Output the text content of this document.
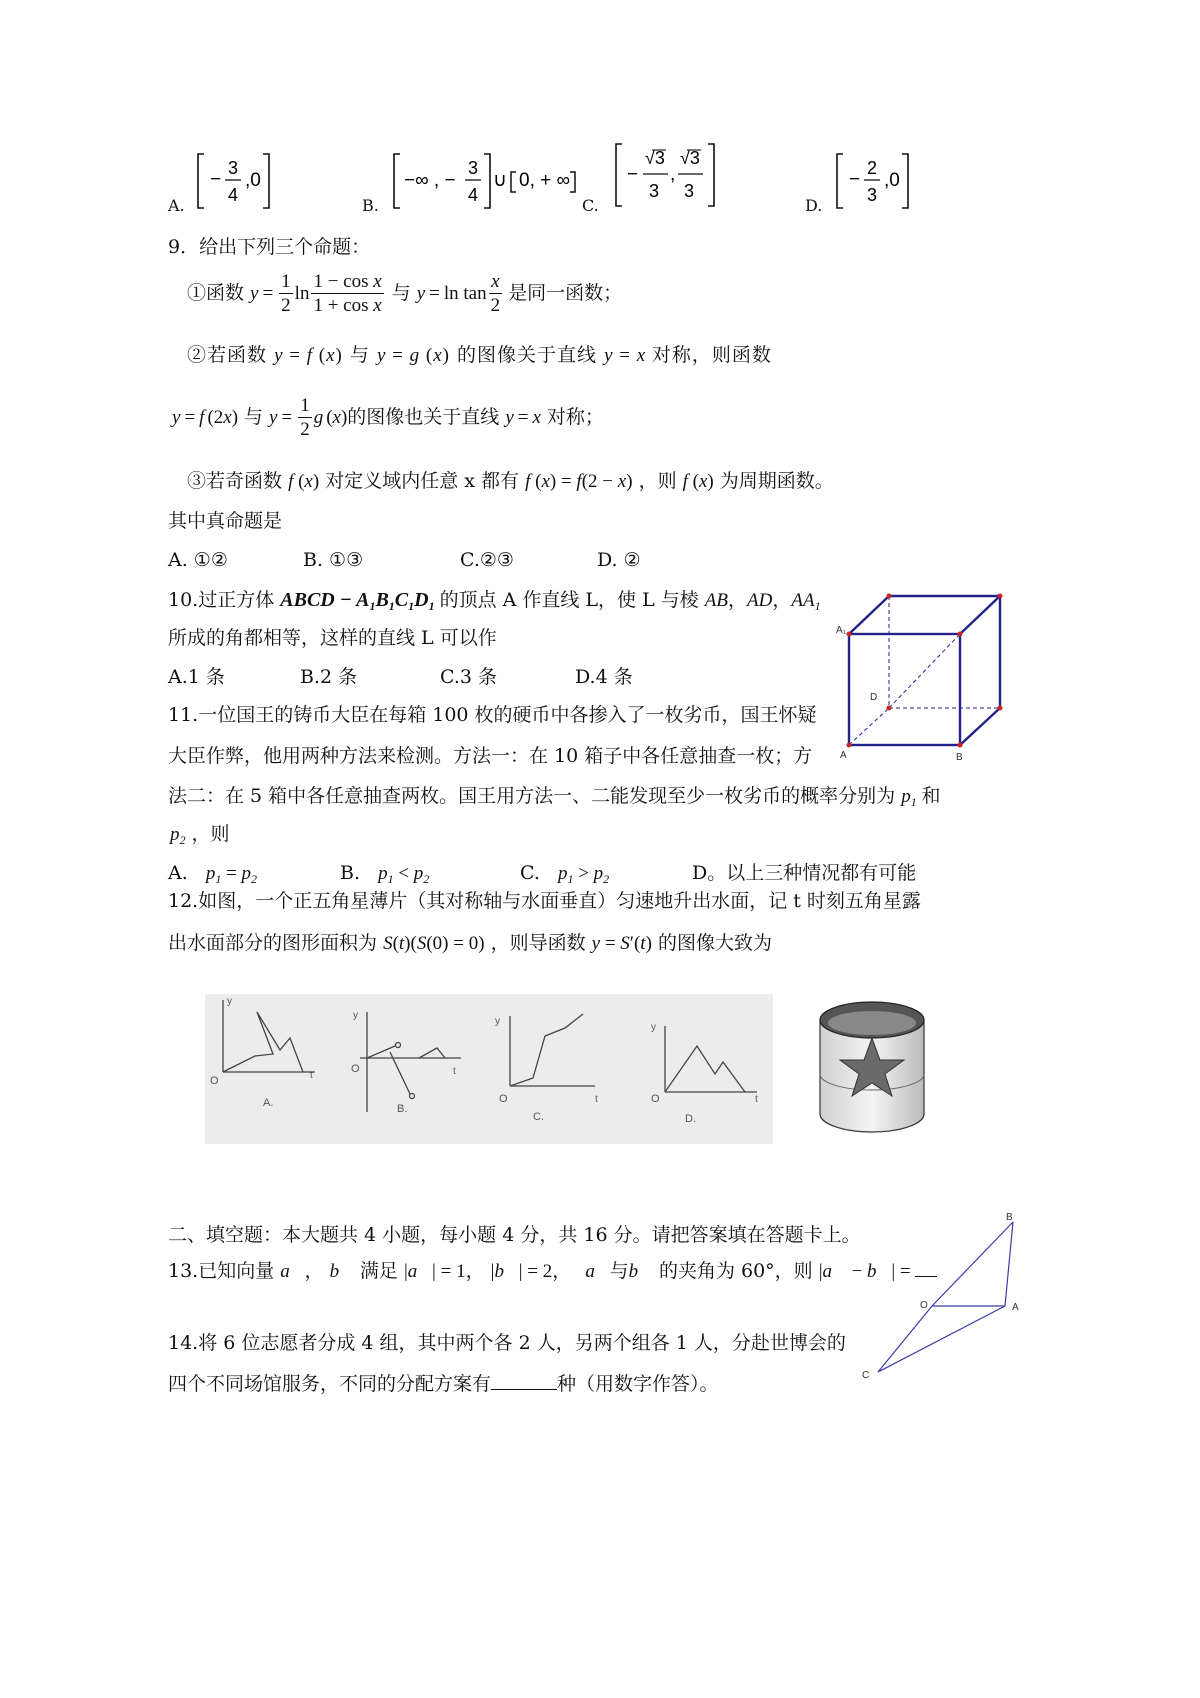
A.
−
3
4
,0
B.
−∞ , −
3
4
∪ 0, + ∞
C.
−
√3
3
,
√3
3
D.
−
2
3
,0
9．给出下列三个命题：
①函数 $y = \frac{1}{2}$ $\ln \frac{\text{1 − cos x}}{\text{1 + cos x}}$ 与 $y = \ln \tan \frac{x}{2}$ 是同一函数；
②若函数 y = f (x) 与 y = g (x) 的图像关于直线 y = x 对称，则函数
y = f (2x) 与 $y = \frac{1}{2}$ g (x) 的图像也关于直线 y = x 对称；
③若奇函数 f (x) 对定义域内任意 x 都有 f (x) = f(2 − x) ，则 f (x) 为周期函数。
其中真命题是
A. ①②	B. ①③	C.②③	D. ②
10.过正方体 ABCD − $A_1B_1C_1D_1$ 的顶点 A 作直线 L，使 L 与棱 AB，AD，$AA_1$
所成的角都相等，这样的直线 L 可以作
A.1 条	B.2 条	C.3 条	D.4 条
A₁
D
A	B
11.一位国王的铸币大臣在每箱 100 枚的硬币中各掺入了一枚劣币，国王怀疑
大臣作弊，他用两种方法来检测。方法一：在 10 箱子中各任意抽查一枚；方
法二：在 5 箱中各任意抽查两枚。国王用方法一、二能发现至少一枚劣币的概率分别为 $p_1$ 和
$p_2$ ，则
A. $p_1 = p_2$	B. $p_1 < p_2$	C. $p_1 > p_2$	D。以上三种情况都有可能
12.如图，一个正五角星薄片（其对称轴与水面垂直）匀速地升出水面，记 t 时刻五角星露
出水面部分的图形面积为 S(t)(S(0) = 0) ，则导函数 y = S′(t) 的图像大致为
A.
O
y
t
B.
O
y
t
C.
O
y
t
D.
O
y
t
二、填空题：本大题共 4 小题，每小题 4 分，共 16 分。请把答案填在答题卡上。
13.已知向量 a⃗， b⃗ 满足 |a⃗| = 1， |b⃗| = 2， a⃗与b⃗ 的夹角为 60°，则 |a⃗ − b⃗| =
B
O	A
C
14.将 6 位志愿者分成 4 组，其中两个各 2 人，另两个组各 1 人，分赴世博会的
四个不同场馆服务，不同的分配方案有	种（用数字作答）。
